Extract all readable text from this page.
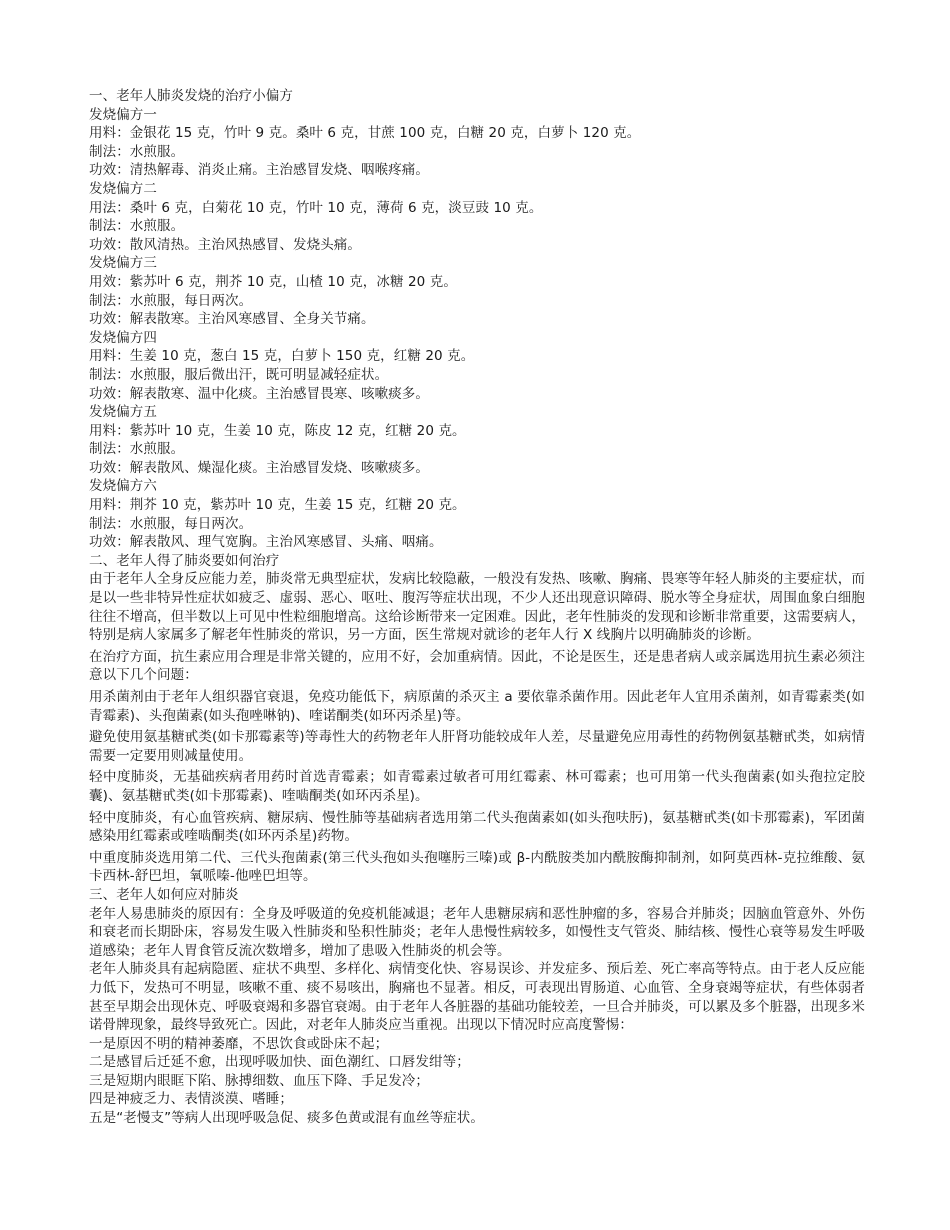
一、老年人肺炎发烧的治疗小偏方

发烧偏方一

用料：金银花 15 克，竹叶 9 克。桑叶 6 克，甘蔗 100 克，白糖 20 克，白萝卜 120 克。

制法：水煎服。

功效：清热解毒、消炎止痛。主治感冒发烧、咽喉疼痛。

发烧偏方二

用法：桑叶 6 克，白菊花 10 克，竹叶 10 克，薄荷 6 克，淡豆豉 10 克。

制法：水煎服。

功效：散风清热。主治风热感冒、发烧头痛。

发烧偏方三

用效：紫苏叶 6 克，荆芥 10 克，山楂 10 克，冰糖 20 克。

制法：水煎服，每日两次。

功效：解表散寒。主治风寒感冒、全身关节痛。

发烧偏方四

用料：生姜 10 克，葱白 15 克，白萝卜 150 克，红糖 20 克。

制法：水煎服，服后微出汗，既可明显减轻症状。

功效：解表散寒、温中化痰。主治感冒畏寒、咳嗽痰多。

发烧偏方五

用料：紫苏叶 10 克，生姜 10 克，陈皮 12 克，红糖 20 克。

制法：水煎服。

功效：解表散风、燥湿化痰。主治感冒发烧、咳嗽痰多。

发烧偏方六

用料：荆芥 10 克，紫苏叶 10 克，生姜 15 克，红糖 20 克。

制法：水煎服，每日两次。

功效：解表散风、理气宽胸。主治风寒感冒、头痛、咽痛。

二、老年人得了肺炎要如何治疗

由于老年人全身反应能力差，肺炎常无典型症状，发病比较隐蔽，一般没有发热、咳嗽、胸痛、畏寒等年轻人肺炎的主要症状，而是以一些非特异性症状如疲乏、虚弱、恶心、呕吐、腹泻等症状出现，不少人还出现意识障碍、脱水等全身症状，周围血象白细胞往往不增高，但半数以上可见中性粒细胞增高。这给诊断带来一定困难。因此，老年性肺炎的发现和诊断非常重要，这需要病人，特别是病人家属多了解老年性肺炎的常识，另一方面，医生常规对就诊的老年人行 X 线胸片以明确肺炎的诊断。

在治疗方面，抗生素应用合理是非常关键的，应用不好，会加重病情。因此，不论是医生，还是患者病人或亲属选用抗生素必须注意以下几个问题：

用杀菌剂由于老年人组织器官衰退，免疫功能低下，病原菌的杀灭主 a 要依靠杀菌作用。因此老年人宜用杀菌剂，如青霉素类(如青霉素)、头孢菌素(如头孢唑啉钠)、喹诺酮类(如环丙杀星)等。

避免使用氨基糖甙类(如卡那霉素等)等毒性大的药物老年人肝肾功能较成年人差，尽量避免应用毒性的药物例氨基糖甙类，如病情需要一定要用则减量使用。

轻中度肺炎，无基础疾病者用药时首选青霉素；如青霉素过敏者可用红霉素、林可霉素；也可用第一代头孢菌素(如头孢拉定胶囊)、氨基糖甙类(如卡那霉素)、喹啮酮类(如环丙杀星)。

轻中度肺炎，有心血管疾病、糖尿病、慢性肺等基础病者选用第二代头孢菌素如(如头孢呋肟)，氨基糖甙类(如卡那霉素)，军团菌感染用红霉素或喹啮酮类(如环丙杀星)药物。

中重度肺炎选用第二代、三代头孢菌素(第三代头孢如头孢噻肟三嗪)或 β-内酰胺类加内酰胺酶抑制剂，如阿莫西林-克拉维酸、氨卡西林-舒巴坦，氧哌嗪-他唑巴坦等。

三、老年人如何应对肺炎

老年人易患肺炎的原因有：全身及呼吸道的免疫机能减退；老年人患糖尿病和恶性肿瘤的多，容易合并肺炎；因脑血管意外、外伤和衰老而长期卧床，容易发生吸入性肺炎和坠积性肺炎；老年人患慢性病较多，如慢性支气管炎、肺结核、慢性心衰等易发生呼吸道感染；老年人胃食管反流次数增多，增加了患吸入性肺炎的机会等。

老年人肺炎具有起病隐匿、症状不典型、多样化、病情变化快、容易误诊、并发症多、预后差、死亡率高等特点。由于老人反应能力低下，发热可不明显，咳嗽不重、痰不易咳出，胸痛也不显著。相反，可表现出胃肠道、心血管、全身衰竭等症状，有些体弱者甚至早期会出现休克、呼吸衰竭和多器官衰竭。由于老年人各脏器的基础功能较差，一旦合并肺炎，可以累及多个脏器，出现多米诺骨牌现象，最终导致死亡。因此，对老年人肺炎应当重视。出现以下情况时应高度警惕：

一是原因不明的精神萎靡，不思饮食或卧床不起；

二是感冒后迁延不愈，出现呼吸加快、面色潮红、口唇发绀等；

三是短期内眼眶下陷、脉搏细数、血压下降、手足发冷；

四是神疲乏力、表情淡漠、嗜睡；

五是“老慢支”等病人出现呼吸急促、痰多色黄或混有血丝等症状。
